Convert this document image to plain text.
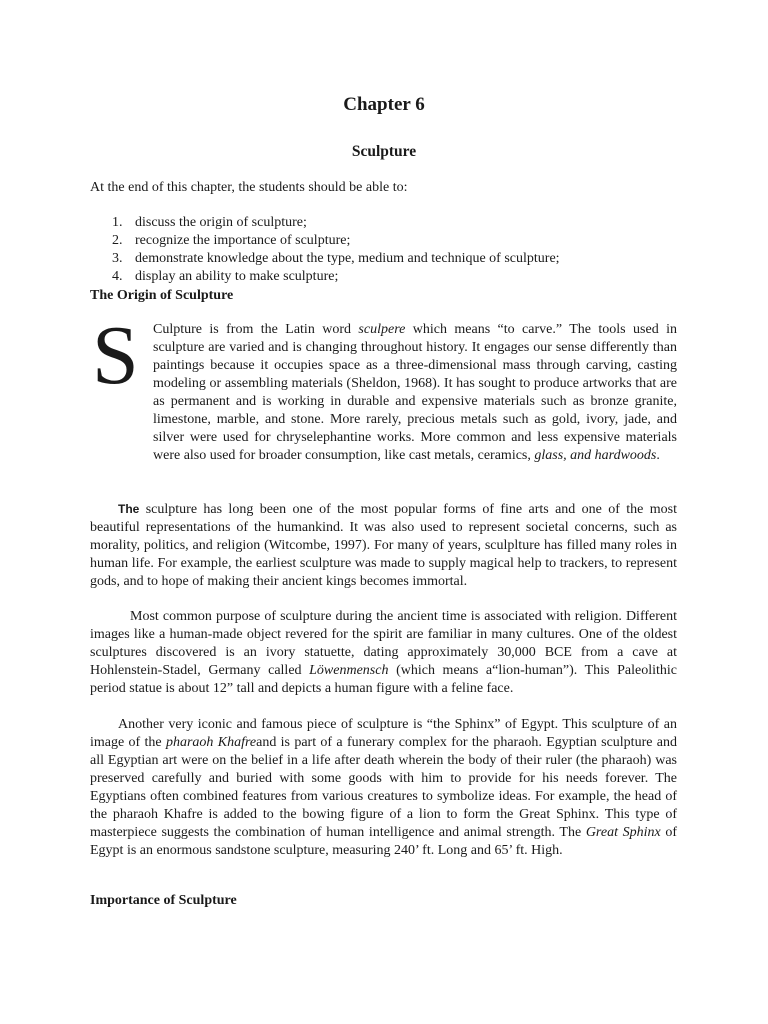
Chapter 6
Sculpture

At the end of this chapter, the students should be able to:

1. discuss the origin of sculpture;
2. recognize the importance of sculpture;
3. demonstrate knowledge about the type, medium and technique of sculpture;
4. display an ability to make sculpture;
The Origin of Sculpture
S Culpture is from the Latin word sculpere which means “to carve.” The tools used in sculpture are varied and is changing throughout history. It engages our sense differently than paintings because it occupies space as a three-dimensional mass through carving, casting modeling or assembling materials (Sheldon, 1968). It has sought to produce artworks that are as permanent and is working in durable and expensive materials such as bronze granite, limestone, marble, and stone. More rarely, precious metals such as gold, ivory, jade, and silver were used for chryselephantine works. More common and less expensive materials were also used for broader consumption, like cast metals, ceramics, glass, and hardwoods.

The sculpture has long been one of the most popular forms of fine arts and one of the most beautiful representations of the humankind. It was also used to represent societal concerns, such as morality, politics, and religion (Witcombe, 1997). For many of years, sculplture has filled many roles in human life. For example, the earliest sculpture was made to supply magical help to trackers, to represent gods, and to hope of making their ancient kings becomes immortal.

Most common purpose of sculpture during the ancient time is associated with religion. Different images like a human-made object revered for the spirit are familiar in many cultures. One of the oldest sculptures discovered is an ivory statuette, dating approximately 30,000 BCE from a cave at Hohlenstein-Stadel, Germany called Löwenmensch (which means a“lion-human”). This Paleolithic period statue is about 12” tall and depicts a human figure with a feline face.

Another very iconic and famous piece of sculpture is “the Sphinx” of Egypt. This sculpture of an image of the pharaoh Khafreand is part of a funerary complex for the pharaoh. Egyptian sculpture and all Egyptian art were on the belief in a life after death wherein the body of their ruler (the pharaoh) was preserved carefully and buried with some goods with him to provide for his needs forever. The Egyptians often combined features from various creatures to symbolize ideas. For example, the head of the pharaoh Khafre is added to the bowing figure of a lion to form the Great Sphinx. This type of masterpiece suggests the combination of human intelligence and animal strength. The Great Sphinx of Egypt is an enormous sandstone sculpture, measuring 240’ ft. Long and 65’ ft. High.

Importance of Sculpture
